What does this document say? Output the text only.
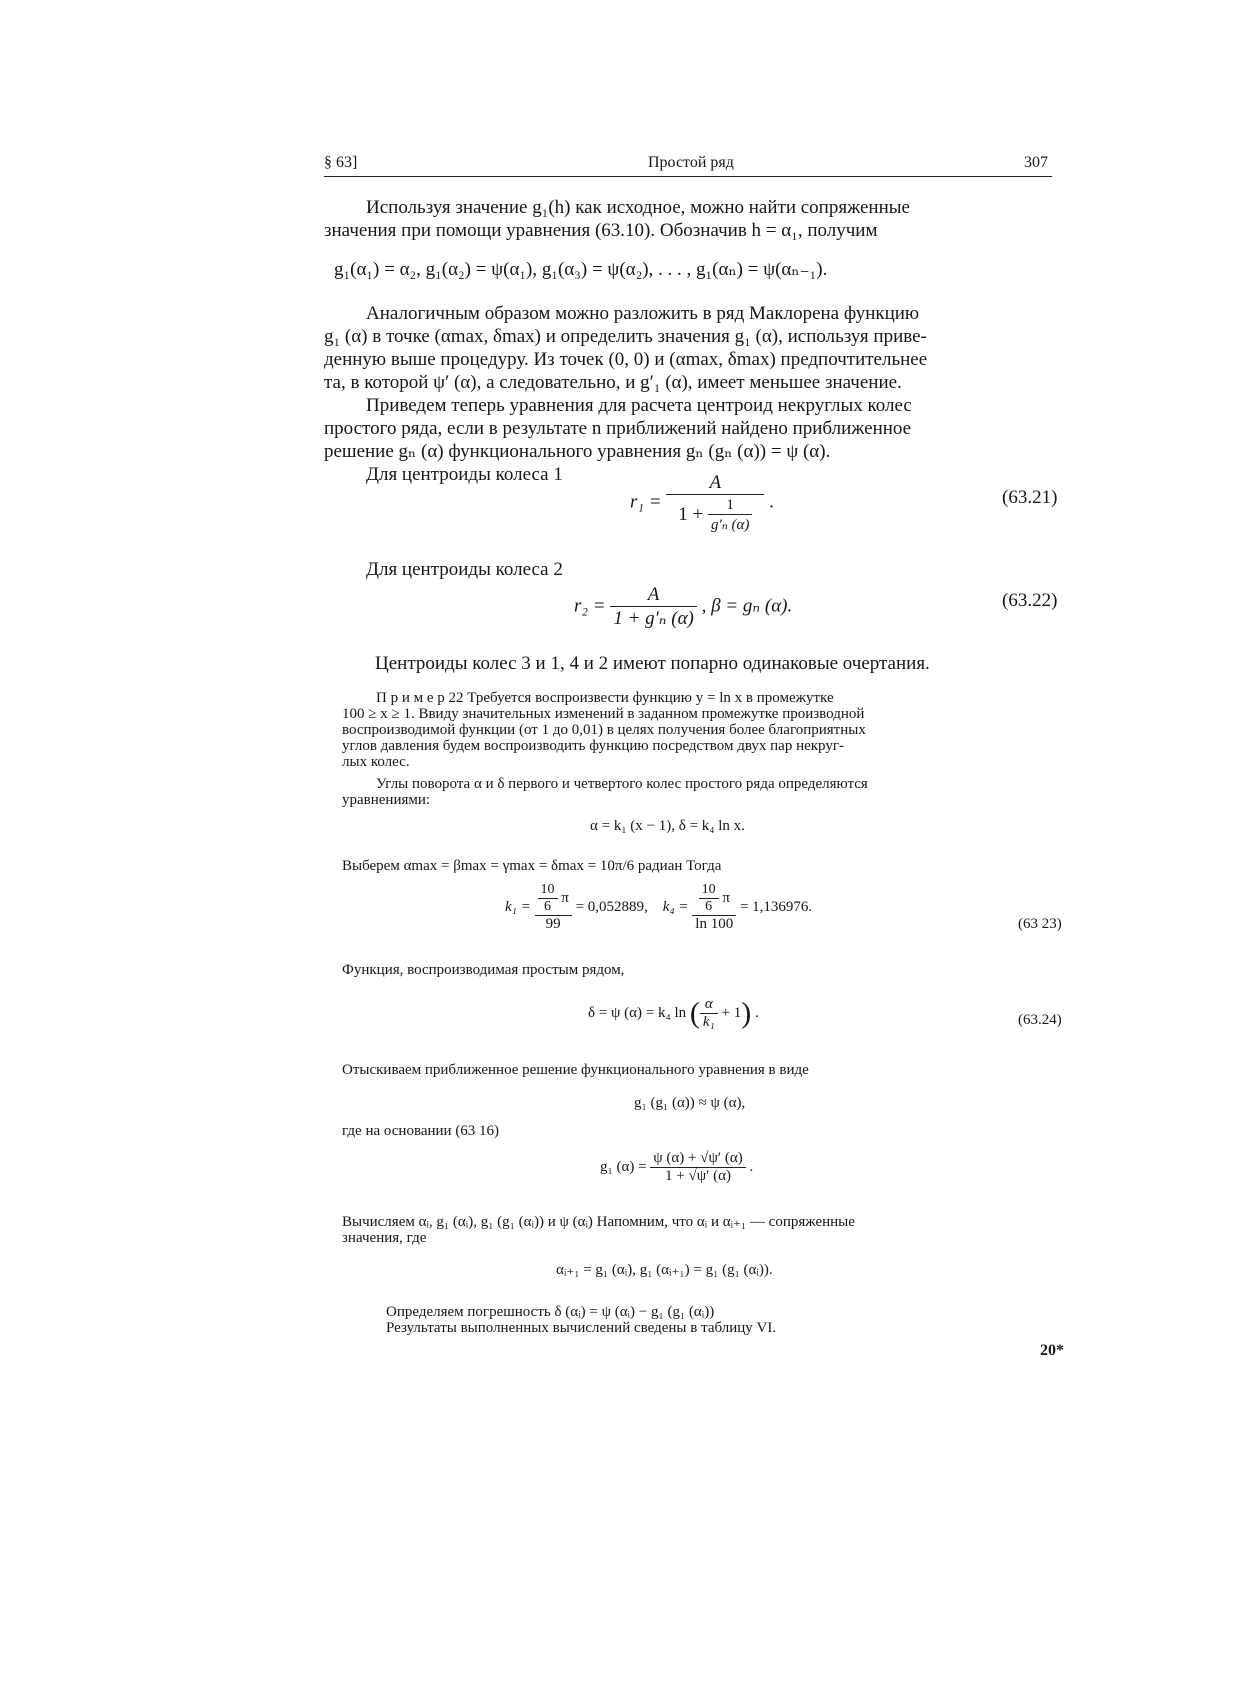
§ 63]	Простой ряд	307
Используя значение g₁(h) как исходное, можно найти сопряженные
значения при помощи уравнения (63.10). Обозначив h = α₁, получим
g₁(α₁) = α₂, g₁(α₂) = ψ(α₁), g₁(α₃) = ψ(α₂), . . . , g₁(αₙ) = ψ(αₙ₋₁).
Аналогичным образом можно разложить в ряд Маклорена функцию
g₁ (α) в точке (αmax, δmax) и определить значения g₁ (α), используя приве-
денную выше процедуру. Из точек (0, 0) и (αmax, δmax) предпочтительнее
та, в которой ψ′ (α), а следовательно, и g′₁ (α), имеет меньшее значение.
Приведем теперь уравнения для расчета центроид некруглых колес
простого ряда, если в результате n приближений найдено приближенное
решение gₙ (α) функционального уравнения gₙ (gₙ (α)) = ψ (α).
Для центроиды колеса 1
$r_1 = \frac{A}{1 + \frac{1}{\text{g′ₙ (α)}}}$ .	(63.21)
Для центроиды колеса 2
$r_2 = \frac{A}{\text{1 + g′ₙ (α)}}$ , β = gₙ (α).	(63.22)
Центроиды колес 3 и 1, 4 и 2 имеют попарно одинаковые очертания.
П р и м е р 22 Требуется воспроизвести функцию y = ln x в промежутке
100 ≥ x ≥ 1. Ввиду значительных изменений в заданном промежутке производной
воспроизводимой функции (от 1 до 0,01) в целях получения более благоприятных
углов давления будем воспроизводить функцию посредством двух пар некруг-
лых колес.
Углы поворота α и δ первого и четвертого колес простого ряда определяются
уравнениями:
α = k₁ (x − 1), δ = k₄ ln x.
Выберем αmax = βmax = γmax = δmax = 10π/6 радиан Тогда
$k_1 = \frac{\frac{10}{6} \pi}{99} = 0,052889$, $k_4 = \frac{\frac{10}{6} \pi}{\ln 100} = 1,136976$.
(63 23)
Функция, воспроизводимая простым рядом,
δ = ψ (α) = k₄ ln ( $\frac{\alpha}{\text{k₁}} + 1$) .	(63.24)
Отыскиваем приближенное решение функционального уравнения в виде
g₁ (g₁ (α)) ≈ ψ (α),
где на основании (63 16)
g₁ $(\alpha) = \frac{\psi (\alpha) + √\psi' (\alpha)}{1 + √\psi' (\alpha)}$ .
Вычисляем αᵢ, g₁ (αᵢ), g₁ (g₁ (αᵢ)) и ψ (αᵢ) Напомним, что αᵢ и αᵢ₊₁ — сопряженные
значения, где
αᵢ₊₁ = g₁ (αᵢ), g₁ (αᵢ₊₁) = g₁ (g₁ (αᵢ)).
Определяем погрешность δ (αᵢ) = ψ (αᵢ) − g₁ (g₁ (αᵢ))
Результаты выполненных вычислений сведены в таблицу VI.
20*
